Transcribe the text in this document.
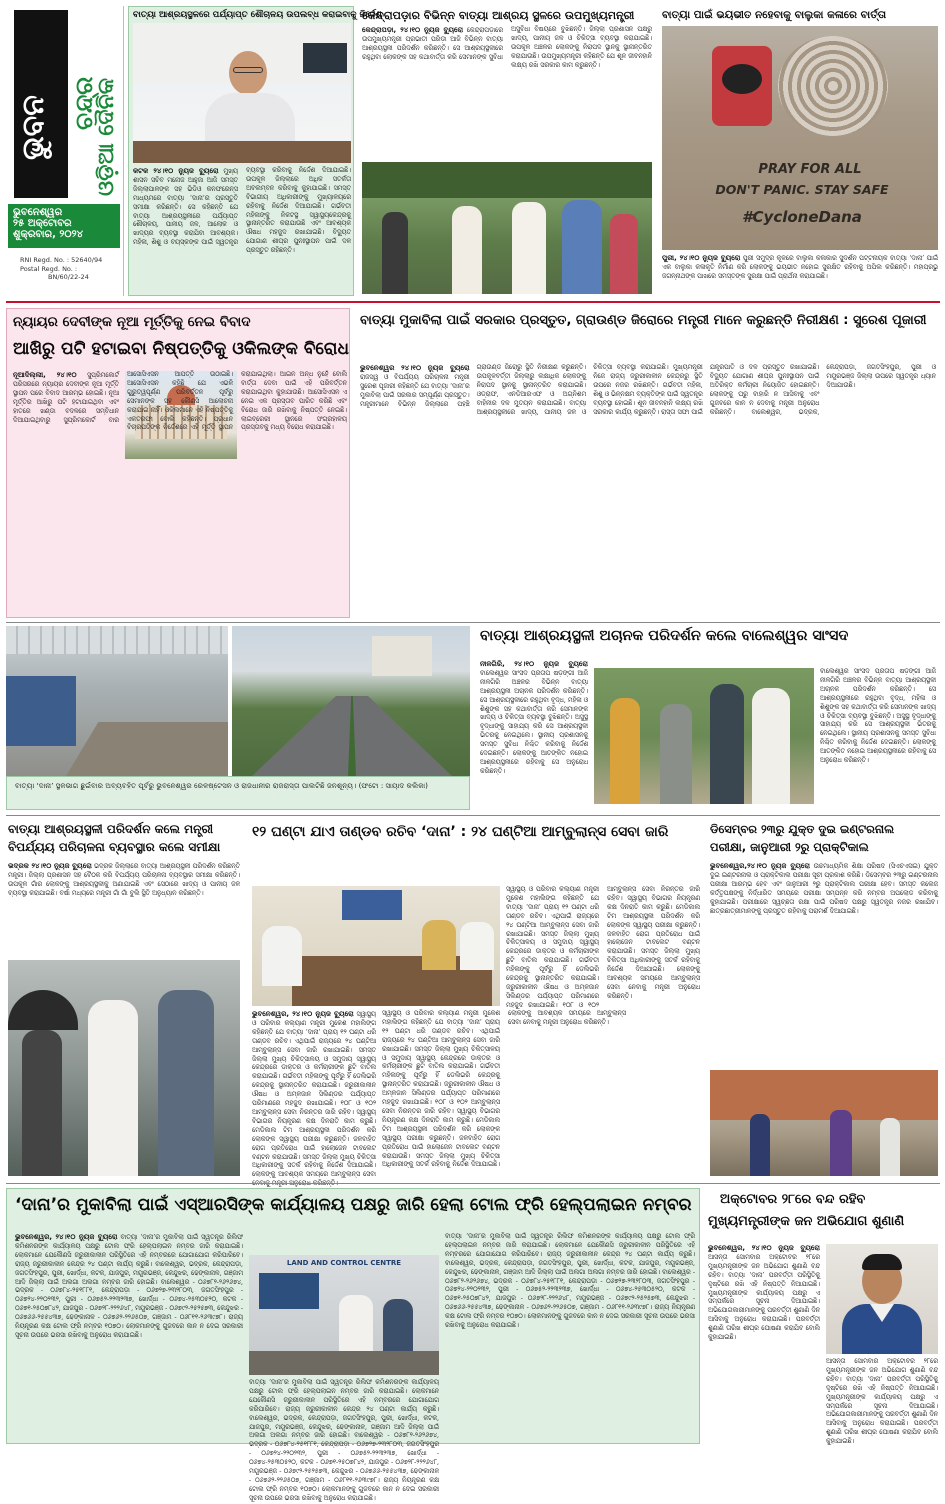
ଭୁବନ ଚନ୍ଦ୍ର
ଓଡ଼ିଆ ଦୈନିକ
ଭୁବନେଶ୍ୱର
୨୫ ଅକ୍ଟୋବର
ଶୁକ୍ରବାର, ୨୦୨୪
RNI Regd. No. : 52640/94
Postal Regd. No. :
BN/60/22-24
ବାତ୍ୟା ଆଶ୍ରୟସ୍ଥଳରେ ପର୍ଯ୍ୟାପ୍ତ ଶୌଚାଳୟ ଉପଲବ୍ଧ କରାଇବାକୁ ନିର୍ଦ୍ଦେଶ
କଟକ ୨୪।୧୦ ନ୍ୟୁଜ ବ୍ୟୁରୋ ମୁଖ୍ୟ ଶାସନ ସଚିବ ମନୋଜ ଆହୁଜା ଆଜି ସମସ୍ତ ଜିଲ୍ଲାପାଳଙ୍କ ସହ ଭିଡିଓ କନଫରେନ୍ସ ମାଧ୍ୟମରେ ବାତ୍ୟା ‘ଦାନା’ର ପ୍ରସ୍ତୁତି ସମୀକ୍ଷା କରିଛନ୍ତି। ସେ କହିଛନ୍ତି ଯେ ବାତ୍ୟା ଆଶ୍ରୟସ୍ଥଳୀରେ ପର୍ଯ୍ୟାପ୍ତ ଶୌଚାଳୟ, ପାନୀୟ ଜଳ, ଆଲୋକ ଓ ଖାଦ୍ୟର ବ୍ୟବସ୍ଥା କରାଯିବା ଆବଶ୍ୟକ। ମହିଳା, ଶିଶୁ ଓ ବୟସ୍କଙ୍କ ପାଇଁ ସ୍ୱତନ୍ତ୍ର ବ୍ୟବସ୍ଥା କରିବାକୁ ନିର୍ଦ୍ଦେଶ ଦିଆଯାଇଛି। ଉପକୂଳ ଜିଲ୍ଲାରେ ଅଧିକ ସତର୍କତା ଅବଲମ୍ବନ କରିବାକୁ କୁହାଯାଇଛି। ସମସ୍ତ ବିଭାଗୀୟ ଅଧିକାରୀଙ୍କୁ ମୁଖ୍ୟାଳୟରେ ରହିବାକୁ ନିର୍ଦ୍ଦେଶ ଦିଆଯାଇଛି। ଗର୍ଭବତୀ ମହିଳାଙ୍କୁ ନିକଟସ୍ଥ ସ୍ୱାସ୍ଥ୍ୟକେନ୍ଦ୍ରକୁ ସ୍ଥାନାନ୍ତରିତ କରାଯାଉଛି ଏବଂ ଆବଶ୍ୟକ ଔଷଧ ମହଜୁଦ ରଖାଯାଇଛି। ବିଦ୍ୟୁତ ଯୋଗାଣ ଶୀଘ୍ର ପୁନଃସ୍ଥାପନ ପାଇଁ ଦଳ ପ୍ରସ୍ତୁତ ରହିଛନ୍ତି।
କେନ୍ଦ୍ରାପଡ଼ାର ବିଭିନ୍ନ ବାତ୍ୟା ଆଶ୍ରୟ ସ୍ଥଳରେ ଉପମୁଖ୍ୟମନ୍ତ୍ରୀ
କେନ୍ଦ୍ରାପଡ଼ା, ୨୪।୧୦ ନ୍ୟୁଜ ବ୍ୟୁରୋ କେନ୍ଦ୍ରାପଡ଼ାରେ ଉପମୁଖ୍ୟମନ୍ତ୍ରୀ ପ୍ରଭାତୀ ପରିଡ଼ା ଆଜି ବିଭିନ୍ନ ବାତ୍ୟା ଆଶ୍ରୟସ୍ଥଳୀ ପରିଦର୍ଶନ କରିଛନ୍ତି। ସେ ଆଶ୍ରୟସ୍ଥଳୀରେ ରହୁଥିବା ଲୋକଙ୍କ ସହ କଥାବାର୍ତ୍ତା କରି ସେମାନଙ୍କ ସୁବିଧା ଅସୁବିଧା ବିଷୟରେ ବୁଝିଛନ୍ତି। ଜିଲ୍ଲା ପ୍ରଶାସନ ପକ୍ଷରୁ ଖାଦ୍ୟ, ପାନୀୟ ଜଳ ଓ ଚିକିତ୍ସା ବ୍ୟବସ୍ଥା କରାଯାଇଛି। ଉପକୂଳ ଅଞ୍ଚଳର ଲୋକଙ୍କୁ ନିରାପଦ ସ୍ଥାନକୁ ସ୍ଥାନାନ୍ତରିତ କରାଯାଉଛି। ଉପମୁଖ୍ୟମନ୍ତ୍ରୀ କହିଛନ୍ତି ଯେ ଶୂନ ଜୀବନହାନି ଲକ୍ଷ୍ୟ ରଖି ସରକାର କାମ କରୁଛନ୍ତି।
ବାତ୍ୟା ପାଇଁ ଭୟଭୀତ ନହେବାକୁ ବାଲୁକା କଳାରେ ବାର୍ତ୍ତା
PRAY FOR ALL
DON'T PANIC. STAY SAFE
#CycloneDana
ପୁରୀ, ୨୪।୧୦ ନ୍ୟୁଜ ବ୍ୟୁରୋ ପୁରୀ ସମୁଦ୍ର କୂଳରେ ବାଲୁକା କଳାକାର ସୁଦର୍ଶନ ପଟ୍ଟନାୟକ ବାତ୍ୟା ‘ଦାନା’ ପାଇଁ ଏକ ବାଲୁକା କଳାକୃତି ନିର୍ମାଣ କରି ଲୋକଙ୍କୁ ଭୟଭୀତ ନହୋଇ ସୁରକ୍ଷିତ ରହିବାକୁ ଅପିଲ କରିଛନ୍ତି। ମହାପ୍ରଭୁ ଜଗନ୍ନାଥଙ୍କ ପାଖରେ ସମସ୍ତଙ୍କ ସୁରକ୍ଷା ପାଇଁ ପ୍ରାର୍ଥନା କରାଯାଇଛି।
ନ୍ୟାୟର ଦେବୀଙ୍କ ନୂଆ ମୂର୍ତ୍ତିକୁ ନେଇ ବିବାଦ
ଆଖିରୁ ପଟି ହଟାଇବା ନିଷ୍ପତ୍ତିକୁ ଓକିଲଙ୍କ ବିରୋଧ
ନୂଆଦିଲ୍ଲୀ, ୨୪।୧୦ ସୁପ୍ରିମକୋର୍ଟ ପରିସରରେ ନ୍ୟାୟର ଦେବୀଙ୍କ ନୂଆ ମୂର୍ତ୍ତି ସ୍ଥାପନ ପରେ ବିବାଦ ଆରମ୍ଭ ହୋଇଛି। ନୂଆ ମୂର୍ତ୍ତିର ଆଖିରୁ ପଟି ହଟାଯାଇଥିବା ଏବଂ ହାତରେ ଖଣ୍ଡା ବଦଳରେ ସମ୍ବିଧାନ ଦିଆଯାଇଥିବାରୁ ସୁପ୍ରିମକୋର୍ଟ ବାର ଆସୋସିଏସନ ଆପତ୍ତି ଉଠାଇଛି। ଆସୋସିଏସନ କହିଛି ଯେ ଏଭଳି ଗୁରୁତ୍ୱପୂର୍ଣ୍ଣ ପରିବର୍ତ୍ତନ ପୂର୍ବରୁ ସେମାନଙ୍କ ସହ କୌଣସି ଆଲୋଚନା କରାଯାଇ ନାହିଁ। ଓକିଲମାନେ ଏହି ନିଷ୍ପତ୍ତିକୁ ଏକତରଫା ବୋଲି କହିଛନ୍ତି। ପ୍ରଧାନ ବିଚାରପତିଙ୍କ ନିର୍ଦ୍ଦେଶରେ ଏହି ମୂର୍ତ୍ତି ସ୍ଥାପନ କରାଯାଇଥିଲା। ଆଇନ ଅନ୍ଧ ନୁହେଁ ବୋଲି ବାର୍ତ୍ତା ଦେବା ପାଇଁ ଏହି ପରିବର୍ତ୍ତନ କରାଯାଇଥିବା କୁହାଯାଉଛି। ଆସୋସିଏସନ ଏ ନେଇ ଏକ ପ୍ରସ୍ତାବ ପାରିତ କରିଛି ଏବଂ ବିରୋଧ ଜାରି ରଖିବାକୁ ନିଷ୍ପତ୍ତି ନେଇଛି। ଲାଇବ୍ରେରୀ ସ୍ଥାନରେ ସଂଗ୍ରହାଳୟ ପ୍ରସ୍ତାବକୁ ମଧ୍ୟ ବିରୋଧ କରାଯାଇଛି।
ବାତ୍ୟା ମୁକାବିଲା ପାଇଁ ସରକାର ପ୍ରସ୍ତୁତ, ଗ୍ରାଉଣ୍ଡ ଜିରୋରେ ମନ୍ତ୍ରୀ ମାନେ କରୁଛନ୍ତି ନିରୀକ୍ଷଣ : ସୁରେଶ ପୂଜାରୀ
ଭୁବନେଶ୍ୱର ୨୪।୧୦ ନ୍ୟୁଜ ବ୍ୟୁରୋ ରାଜସ୍ୱ ଓ ବିପର୍ଯ୍ୟୟ ପରିଚାଳନା ମନ୍ତ୍ରୀ ସୁରେଶ ପୂଜାରୀ କହିଛନ୍ତି ଯେ ବାତ୍ୟା ‘ଦାନା’ର ମୁକାବିଲା ପାଇଁ ସରକାର ସମ୍ପୂର୍ଣ୍ଣ ପ୍ରସ୍ତୁତ। ମନ୍ତ୍ରୀମାନେ ବିଭିନ୍ନ ଜିଲ୍ଲାରେ ପହଞ୍ଚି ଗ୍ରାଉଣ୍ଡ ଜିରୋରୁ ସ୍ଥିତି ନିରୀକ୍ଷଣ କରୁଛନ୍ତି। ଉପକୂଳବର୍ତ୍ତୀ ଜିଲ୍ଲାରୁ ଲକ୍ଷାଧିକ ଲୋକଙ୍କୁ ନିରାପଦ ସ୍ଥାନକୁ ସ୍ଥାନାନ୍ତରିତ କରାଯାଇଛି। ଓଡ୍ରାଫ, ଏନଡିଆରଏଫ ଓ ଅଗ୍ନିଶମ ବାହିନୀର ଦଳ ମୁତୟନ କରାଯାଇଛି। ବାତ୍ୟା ଆଶ୍ରୟସ୍ଥଳୀରେ ଖାଦ୍ୟ, ପାନୀୟ ଜଳ ଓ ଚିକିତ୍ସା ବ୍ୟବସ୍ଥା କରାଯାଇଛି। ମୁଖ୍ୟମନ୍ତ୍ରୀ ନିଜେ ରାଜ୍ୟ ଜରୁରୀକାଳୀନ କେନ୍ଦ୍ରରୁ ସ୍ଥିତି ଉପରେ ନଜର ରଖିଛନ୍ତି। ଗର୍ଭବତୀ ମହିଳା, ଶିଶୁ ଓ ଭିନ୍ନକ୍ଷମ ବ୍ୟକ୍ତିଙ୍କ ପାଇଁ ସ୍ୱତନ୍ତ୍ର ବ୍ୟବସ୍ଥା ହୋଇଛି। ଶୂନ ଜୀବନହାନି ଲକ୍ଷ୍ୟ ରଖି ସରକାର କାର୍ଯ୍ୟ କରୁଛନ୍ତି। ରାସ୍ତା ସଫା ପାଇଁ ଯନ୍ତ୍ରପାତି ଓ ଦଳ ପ୍ରସ୍ତୁତ ରଖାଯାଇଛି। ବିଦ୍ୟୁତ ଯୋଗାଣ ଶୀଘ୍ର ପୁନଃସ୍ଥାପନ ପାଇଁ ଅତିରିକ୍ତ କର୍ମଚାରୀ ନିୟୋଜିତ ହୋଇଛନ୍ତି। ଲୋକଙ୍କୁ ଘରୁ ବାହାରି ନ ଆସିବାକୁ ଏବଂ ଗୁଜବରେ କାନ ନ ଦେବାକୁ ମନ୍ତ୍ରୀ ଅନୁରୋଧ କରିଛନ୍ତି। ବାଲେଶ୍ୱର, ଭଦ୍ରକ, କେନ୍ଦ୍ରାପଡ଼ା, ଜଗତସିଂହପୁର, ପୁରୀ ଓ ମୟୂରଭଞ୍ଜ ଜିଲ୍ଲା ଉପରେ ସ୍ୱତନ୍ତ୍ର ଧ୍ୟାନ ଦିଆଯାଉଛି।
ବାତ୍ୟା ‘ଦାନା’ ସ୍ଥଳଭାଗ ଛୁଇଁବାର ଅବ୍ୟବହିତ ପୂର୍ବରୁ ଭୁବନେଶ୍ୱର ରେଳଷ୍ଟେସନ ଓ ରାଜଧାନୀର ରାଜରାସ୍ତା ପାଲଟିଛି ଜନଶୂନ୍ୟ। (ଫଟୋ : ସାୟାଦ କଲିକା)
ବାତ୍ୟା ଆଶ୍ରୟସ୍ଥଳୀ ଅଚାନକ ପରିଦର୍ଶନ କଲେ ବାଲେଶ୍ୱର ସାଂସଦ
ନୀଳଗିରି, ୨୪।୧୦ ନ୍ୟୁଜ ବ୍ୟୁରୋ ବାଲେଶ୍ୱର ସାଂସଦ ପ୍ରତାପ ଷଡ଼ଙ୍ଗୀ ଆଜି ନୀଳଗିରି ଅଞ୍ଚଳର ବିଭିନ୍ନ ବାତ୍ୟା ଆଶ୍ରୟସ୍ଥଳୀ ଅଚାନକ ପରିଦର୍ଶନ କରିଛନ୍ତି। ସେ ଆଶ୍ରୟସ୍ଥଳୀରେ ରହୁଥିବା ବୃଦ୍ଧ, ମହିଳା ଓ ଶିଶୁଙ୍କ ସହ କଥାବାର୍ତ୍ତା କରି ସେମାନଙ୍କ ଖାଦ୍ୟ ଓ ଚିକିତ୍ସା ବ୍ୟବସ୍ଥା ବୁଝିଛନ୍ତି। ଅସୁସ୍ଥ ବୃଦ୍ଧାଙ୍କୁ ସାହାଯ୍ୟ କରି ସେ ଆଶ୍ରୟସ୍ଥଳୀ ଭିତରକୁ ନେଇଥିଲେ। ସ୍ଥାନୀୟ ପ୍ରଶାସନକୁ ସମସ୍ତ ସୁବିଧା ନିଶ୍ଚିତ କରିବାକୁ ନିର୍ଦ୍ଦେଶ ଦେଇଛନ୍ତି। ଲୋକଙ୍କୁ ଆତଙ୍କିତ ନହୋଇ ଆଶ୍ରୟସ୍ଥଳୀରେ ରହିବାକୁ ସେ ଅନୁରୋଧ କରିଛନ୍ତି।
ବାଲେଶ୍ୱର ସାଂସଦ ପ୍ରତାପ ଷଡ଼ଙ୍ଗୀ ଆଜି ନୀଳଗିରି ଅଞ୍ଚଳର ବିଭିନ୍ନ ବାତ୍ୟା ଆଶ୍ରୟସ୍ଥଳୀ ଅଚାନକ ପରିଦର୍ଶନ କରିଛନ୍ତି। ସେ ଆଶ୍ରୟସ୍ଥଳୀରେ ରହୁଥିବା ବୃଦ୍ଧ, ମହିଳା ଓ ଶିଶୁଙ୍କ ସହ କଥାବାର୍ତ୍ତା କରି ସେମାନଙ୍କ ଖାଦ୍ୟ ଓ ଚିକିତ୍ସା ବ୍ୟବସ୍ଥା ବୁଝିଛନ୍ତି। ଅସୁସ୍ଥ ବୃଦ୍ଧାଙ୍କୁ ସାହାଯ୍ୟ କରି ସେ ଆଶ୍ରୟସ୍ଥଳୀ ଭିତରକୁ ନେଇଥିଲେ। ସ୍ଥାନୀୟ ପ୍ରଶାସନକୁ ସମସ୍ତ ସୁବିଧା ନିଶ୍ଚିତ କରିବାକୁ ନିର୍ଦ୍ଦେଶ ଦେଇଛନ୍ତି। ଲୋକଙ୍କୁ ଆତଙ୍କିତ ନହୋଇ ଆଶ୍ରୟସ୍ଥଳୀରେ ରହିବାକୁ ସେ ଅନୁରୋଧ କରିଛନ୍ତି।
ବାତ୍ୟା ଆଶ୍ରୟସ୍ଥଳୀ ପରିଦର୍ଶନ କଲେ ମନ୍ତ୍ରୀ
ବିପର୍ଯ୍ୟୟ ପରିଚାଳନା ବ୍ୟବସ୍ଥାର କଲେ ସମୀକ୍ଷା
ଭଦ୍ରକ ୨୪।୧୦ ନ୍ୟୁଜ ବ୍ୟୁରୋ ଭଦ୍ରକ ଜିଲ୍ଲାରେ ବାତ୍ୟା ଆଶ୍ରୟସ୍ଥଳୀ ପରିଦର୍ଶନ କରିଛନ୍ତି ମନ୍ତ୍ରୀ। ଜିଲ୍ଲା ପ୍ରଶାସନ ସହ ବୈଠକ କରି ବିପର୍ଯ୍ୟୟ ପରିଚାଳନା ବ୍ୟବସ୍ଥାର ସମୀକ୍ଷା କରିଛନ୍ତି। ଉପକୂଳ ଗାଁର ଲୋକଙ୍କୁ ଆଶ୍ରୟସ୍ଥଳୀକୁ ଅଣାଯାଇଛି ଏବଂ ସେଠାରେ ଖାଦ୍ୟ ଓ ପାନୀୟ ଜଳ ବ୍ୟବସ୍ଥା କରାଯାଇଛି। ବର୍ଷା ମଧ୍ୟରେ ମନ୍ତ୍ରୀ ଗାଁ ଗାଁ ବୁଲି ସ୍ଥିତି ଅନୁଧ୍ୟାନ କରିଛନ୍ତି।
୧୨ ଘଣ୍ଟା ଯାଏ ତାଣ୍ଡବ ରଚିବ ‘ଦାନା’ : ୨୪ ଘଣ୍ଟିଆ ଆମ୍ବୁଲାନ୍ସ ସେବା ଜାରି
ଭୁବନେଶ୍ୱର, ୨୪।୧୦ ନ୍ୟୁଜ ବ୍ୟୁରୋ ସ୍ୱାସ୍ଥ୍ୟ ଓ ପରିବାର କଲ୍ୟାଣ ମନ୍ତ୍ରୀ ମୁକେଶ ମହାଲିଙ୍ଗ କହିଛନ୍ତି ଯେ ବାତ୍ୟା ‘ଦାନା’ ପ୍ରାୟ ୧୨ ଘଣ୍ଟା ଧରି ତାଣ୍ଡବ ରଚିବ। ଏଥିପାଇଁ ରାଜ୍ୟରେ ୨୪ ଘଣ୍ଟିଆ ଆମ୍ବୁଲାନ୍ସ ସେବା ଜାରି ରଖାଯାଇଛି। ସମସ୍ତ ଜିଲ୍ଲା ମୁଖ୍ୟ ଚିକିତ୍ସାଳୟ ଓ ସମୁଦାୟ ସ୍ୱାସ୍ଥ୍ୟ କେନ୍ଦ୍ରରେ ଡାକ୍ତର ଓ କର୍ମଚାରୀଙ୍କ ଛୁଟି ବାତିଲ କରାଯାଇଛି। ଗର୍ଭବତୀ ମହିଳାଙ୍କୁ ପୂର୍ବରୁ ହିଁ ଡେଲିଭରି କେନ୍ଦ୍ରକୁ ସ୍ଥାନାନ୍ତରିତ କରାଯାଇଛି। ଜରୁରୀକାଳୀନ ଔଷଧ ଓ ଅମ୍ଳଜାନ ସିଲିଣ୍ଡର ପର୍ଯ୍ୟାପ୍ତ ପରିମାଣରେ ମହଜୁଦ ରଖାଯାଇଛି। ୧୦୮ ଓ ୧୦୨ ଆମ୍ବୁଲାନ୍ସ ସେବା ନିରନ୍ତର ଜାରି ରହିବ। ସ୍ୱାସ୍ଥ୍ୟ ବିଭାଗର ନିୟନ୍ତ୍ରଣ କକ୍ଷ ଦିନରାତି କାମ କରୁଛି। ମେଡିକାଲ ଟିମ ଆଶ୍ରୟସ୍ଥଳୀ ପରିଦର୍ଶନ କରି ଲୋକଙ୍କ ସ୍ୱାସ୍ଥ୍ୟ ପରୀକ୍ଷା କରୁଛନ୍ତି। ଜଳବାହିତ ରୋଗ ପ୍ରତିରୋଧ ପାଇଁ ହାଲୋଜେନ ଟାବଲେଟ ବଣ୍ଟନ କରାଯାଉଛି। ସମସ୍ତ ଜିଲ୍ଲା ମୁଖ୍ୟ ଚିକିତ୍ସା ଅଧିକାରୀଙ୍କୁ ସତର୍କ ରହିବାକୁ ନିର୍ଦ୍ଦେଶ ଦିଆଯାଇଛି। ଲୋକଙ୍କୁ ଆବଶ୍ୟକ ସମୟରେ ଆମ୍ବୁଲାନ୍ସ ସେବା
ସ୍ୱାସ୍ଥ୍ୟ ଓ ପରିବାର କଲ୍ୟାଣ ମନ୍ତ୍ରୀ ମୁକେଶ ମହାଲିଙ୍ଗ କହିଛନ୍ତି ଯେ ବାତ୍ୟା ‘ଦାନା’ ପ୍ରାୟ ୧୨ ଘଣ୍ଟା ଧରି ତାଣ୍ଡବ ରଚିବ। ଏଥିପାଇଁ ରାଜ୍ୟରେ ୨୪ ଘଣ୍ଟିଆ ଆମ୍ବୁଲାନ୍ସ ସେବା ଜାରି ରଖାଯାଇଛି। ସମସ୍ତ ଜିଲ୍ଲା ମୁଖ୍ୟ ଚିକିତ୍ସାଳୟ ଓ ସମୁଦାୟ ସ୍ୱାସ୍ଥ୍ୟ କେନ୍ଦ୍ରରେ ଡାକ୍ତର ଓ କର୍ମଚାରୀଙ୍କ ଛୁଟି ବାତିଲ କରାଯାଇଛି। ଗର୍ଭବତୀ ମହିଳାଙ୍କୁ ପୂର୍ବରୁ ହିଁ ଡେଲିଭରି କେନ୍ଦ୍ରକୁ ସ୍ଥାନାନ୍ତରିତ କରାଯାଇଛି। ଜରୁରୀକାଳୀନ ଔଷଧ ଓ ଅମ୍ଳଜାନ ସିଲିଣ୍ଡର ପର୍ଯ୍ୟାପ୍ତ ପରିମାଣରେ ମହଜୁଦ ରଖାଯାଇଛି। ୧୦୮ ଓ ୧୦୨ ଆମ୍ବୁଲାନ୍ସ ସେବା ନିରନ୍ତର ଜାରି ରହିବ। ସ୍ୱାସ୍ଥ୍ୟ ବିଭାଗର ନିୟନ୍ତ୍ରଣ କକ୍ଷ ଦିନରାତି କାମ କରୁଛି। ମେଡିକାଲ ଟିମ ଆଶ୍ରୟସ୍ଥଳୀ ପରିଦର୍ଶନ କରି ଲୋକଙ୍କ ସ୍ୱାସ୍ଥ୍ୟ ପରୀକ୍ଷା କରୁଛନ୍ତି। ଜଳବାହିତ ରୋଗ ପ୍ରତିରୋଧ ପାଇଁ ହାଲୋଜେନ ଟାବଲେଟ ବଣ୍ଟନ କରାଯାଉଛି। ସମସ୍ତ ଜିଲ୍ଲା ମୁଖ୍ୟ ଚିକିତ୍ସା ଅଧିକାରୀଙ୍କୁ ସତର୍କ ରହିବାକୁ ନିର୍ଦ୍ଦେଶ ଦିଆଯାଇଛି। ଲୋକଙ୍କୁ ଆବଶ୍ୟକ ସମୟରେ ଆମ୍ବୁଲାନ୍ସ ସେବା ନେବାକୁ ମନ୍ତ୍ରୀ ଅନୁରୋଧ କରିଛନ୍ତି।
ସ୍ୱାସ୍ଥ୍ୟ ଓ ପରିବାର କଲ୍ୟାଣ ମନ୍ତ୍ରୀ ମୁକେଶ ମହାଲିଙ୍ଗ କହିଛନ୍ତି ଯେ ବାତ୍ୟା ‘ଦାନା’ ପ୍ରାୟ ୧୨ ଘଣ୍ଟା ଧରି ତାଣ୍ଡବ ରଚିବ। ଏଥିପାଇଁ ରାଜ୍ୟରେ ୨୪ ଘଣ୍ଟିଆ ଆମ୍ବୁଲାନ୍ସ ସେବା ଜାରି ରଖାଯାଇଛି। ସମସ୍ତ ଜିଲ୍ଲା ମୁଖ୍ୟ ଚିକିତ୍ସାଳୟ ଓ ସମୁଦାୟ ସ୍ୱାସ୍ଥ୍ୟ କେନ୍ଦ୍ରରେ ଡାକ୍ତର ଓ କର୍ମଚାରୀଙ୍କ ଛୁଟି ବାତିଲ କରାଯାଇଛି। ଗର୍ଭବତୀ ମହିଳାଙ୍କୁ ପୂର୍ବରୁ ହିଁ ଡେଲିଭରି କେନ୍ଦ୍ରକୁ ସ୍ଥାନାନ୍ତରିତ କରାଯାଇଛି। ଜରୁରୀକାଳୀନ ଔଷଧ ଓ ଅମ୍ଳଜାନ ସିଲିଣ୍ଡର ପର୍ଯ୍ୟାପ୍ତ ପରିମାଣରେ ମହଜୁଦ ରଖାଯାଇଛି। ୧୦୮ ଓ ୧୦୨ ଆମ୍ବୁଲାନ୍ସ ସେବା ନିରନ୍ତର ଜାରି ରହିବ। ସ୍ୱାସ୍ଥ୍ୟ ବିଭାଗର ନିୟନ୍ତ୍ରଣ କକ୍ଷ ଦିନରାତି କାମ କରୁଛି। ମେଡିକାଲ ଟିମ ଆଶ୍ରୟସ୍ଥଳୀ ପରିଦର୍ଶନ କରି ଲୋକଙ୍କ ସ୍ୱାସ୍ଥ୍ୟ ପରୀକ୍ଷା କରୁଛନ୍ତି। ଜଳବାହିତ ରୋଗ ପ୍ରତିରୋଧ ପାଇଁ ହାଲୋଜେନ ଟାବଲେଟ ବଣ୍ଟନ କରାଯାଉଛି। ସମସ୍ତ ଜିଲ୍ଲା ମୁଖ୍ୟ ଚିକିତ୍ସା ଅଧିକାରୀଙ୍କୁ ସତର୍କ ରହିବାକୁ ନିର୍ଦ୍ଦେଶ ଦିଆଯାଇଛି। ଲୋକଙ୍କୁ ଆବଶ୍ୟକ ସମୟରେ ଆମ୍ବୁଲାନ୍ସ ସେବା ନେବାକୁ ମନ୍ତ୍ରୀ ଅନୁରୋଧ କରିଛନ୍ତି।
ଡିସେମ୍ବର ୨୩ରୁ ଯୁକ୍ତ ଦୁଇ ଇଣ୍ଟରନାଲ
ପରୀକ୍ଷା, ଜାନୁଆରୀ ୨ରୁ ପ୍ରାକ୍ଟିକାଲ
ଭୁବନେଶ୍ୱର,୨୪।୧୦ ନ୍ୟୁଜ ବ୍ୟୁରୋ ଉଚ୍ଚମାଧ୍ୟମିକ ଶିକ୍ଷା ପରିଷଦ (ସିଏଚଏସଇ) ଯୁକ୍ତ ଦୁଇ ଇଣ୍ଟରନାଲ ଓ ପ୍ରାକ୍ଟିକାଲ ପରୀକ୍ଷା ସୂଚୀ ପ୍ରକାଶ କରିଛି। ଡିସେମ୍ବର ୨୩ରୁ ଇଣ୍ଟରନାଲ ପରୀକ୍ଷା ଆରମ୍ଭ ହେବ ଏବଂ ଜାନୁଆରୀ ୨ରୁ ପ୍ରାକ୍ଟିକାଲ ପରୀକ୍ଷା ହେବ। ସମସ୍ତ କଲେଜ କର୍ତ୍ତୃପକ୍ଷଙ୍କୁ ନିର୍ଦ୍ଧାରିତ ସମୟରେ ପରୀକ୍ଷା ସମ୍ପନ୍ନ କରି ନମ୍ବର ଅପଲୋଡ କରିବାକୁ କୁହାଯାଇଛି। ପରୀକ୍ଷାରେ ସ୍ୱଚ୍ଛତା ରକ୍ଷା ପାଇଁ ପରିଷଦ ପକ୍ଷରୁ ସ୍ୱତନ୍ତ୍ର ନଜର ରଖାଯିବ। ଛାତ୍ରଛାତ୍ରୀମାନଙ୍କୁ ପ୍ରସ୍ତୁତ ରହିବାକୁ ପରାମର୍ଶ ଦିଆଯାଇଛି।
‘ଦାନା’ର ମୁକାବିଲା ପାଇଁ ଏସ୍‌ଆରସିଙ୍କ କାର୍ଯ୍ୟାଳୟ ପକ୍ଷରୁ ଜାରି ହେଲା ଟୋଲ ଫ୍ରି ହେଲ୍ପଲାଇନ ନମ୍ବର
ଭୁବନେଶ୍ୱର, ୨୪।୧୦ ନ୍ୟୁଜ ବ୍ୟୁରୋ ବାତ୍ୟା ‘ଦାନା’ର ମୁକାବିଲା ପାଇଁ ସ୍ୱତନ୍ତ୍ର ରିଲିଫ କମିଶନରଙ୍କ କାର୍ଯ୍ୟାଳୟ ପକ୍ଷରୁ ଟୋଲ ଫ୍ରି ହେଲ୍ପଲାଇନ ନମ୍ବର ଜାରି କରାଯାଇଛି। ଲୋକମାନେ ଯେକୌଣସି ଜରୁରୀକାଳୀନ ପରିସ୍ଥିତିରେ ଏହି ନମ୍ବରରେ ଯୋଗାଯୋଗ କରିପାରିବେ। ରାଜ୍ୟ ଜରୁରୀକାଳୀନ କେନ୍ଦ୍ର ୨୪ ଘଣ୍ଟା କାର୍ଯ୍ୟ କରୁଛି। ବାଲେଶ୍ୱର, ଭଦ୍ରକ, କେନ୍ଦ୍ରାପଡ଼ା, ଜଗତସିଂହପୁର, ପୁରୀ, ଖୋର୍ଦ୍ଧା, କଟକ, ଯାଜପୁର, ମୟୂରଭଞ୍ଜ, କେନ୍ଦୁଝର, ଢେଙ୍କାନାଳ, ଗଞ୍ଜାମ ଆଦି ଜିଲ୍ଲା ପାଇଁ ଅଲଗା ଅଲଗା ନମ୍ବର ଜାରି ହୋଇଛି। ବାଲେଶ୍ୱର - ୦୬୭୮୨-୨୬୨୬୭୪, ଭଦ୍ରକ - ୦୬୭୮୪-୨୫୧୮୮୧, କେନ୍ଦ୍ରାପଡ଼ା - ୦୬୭୨୭-୨୩୨୮୦୩, ଜଗତସିଂହପୁର - ୦୬୭୨୪-୨୨୦୨୩୨, ପୁରୀ - ୦୬୭୫୨-୨୨୩୨୩୭, ଖୋର୍ଦ୍ଧା - ୦୬୭୪-୨୫୩୦୫୨୦, କଟକ - ୦୬୭୧-୨୫୦୭୮୪୨, ଯାଜପୁର - ୦୬୭୨୮-୨୨୨୬୪୮, ମୟୂରଭଞ୍ଜ - ୦୬୭୯୨-୨୫୨୫୭୩, କେନ୍ଦୁଝର - ୦୬୭୬୬-୨୫୫୪୩୭, ଢେଙ୍କାନାଳ - ୦୬୭୬୨-୨୨୬୫୦୭, ଗଞ୍ଜାମ - ୦୬୮୧୧-୨୬୩୯୭୮। ରାଜ୍ୟ ନିୟନ୍ତ୍ରଣ କକ୍ଷ ଟୋଲ ଫ୍ରି ନମ୍ବର ୧୦୭୦। ଲୋକମାନଙ୍କୁ ଗୁଜବରେ କାନ ନ ଦେଇ ସରକାରୀ ସୂଚନା ଉପରେ ଭରସା ରଖିବାକୁ ଅନୁରୋଧ କରାଯାଇଛି।
LAND AND CONTROL CENTRE
ବାତ୍ୟା ‘ଦାନା’ର ମୁକାବିଲା ପାଇଁ ସ୍ୱତନ୍ତ୍ର ରିଲିଫ କମିଶନରଙ୍କ କାର୍ଯ୍ୟାଳୟ ପକ୍ଷରୁ ଟୋଲ ଫ୍ରି ହେଲ୍ପଲାଇନ ନମ୍ବର ଜାରି କରାଯାଇଛି। ଲୋକମାନେ ଯେକୌଣସି ଜରୁରୀକାଳୀନ ପରିସ୍ଥିତିରେ ଏହି ନମ୍ବରରେ ଯୋଗାଯୋଗ କରିପାରିବେ। ରାଜ୍ୟ ଜରୁରୀକାଳୀନ କେନ୍ଦ୍ର ୨୪ ଘଣ୍ଟା କାର୍ଯ୍ୟ କରୁଛି। ବାଲେଶ୍ୱର, ଭଦ୍ରକ, କେନ୍ଦ୍ରାପଡ଼ା, ଜଗତସିଂହପୁର, ପୁରୀ, ଖୋର୍ଦ୍ଧା, କଟକ, ଯାଜପୁର, ମୟୂରଭଞ୍ଜ, କେନ୍ଦୁଝର, ଢେଙ୍କାନାଳ, ଗଞ୍ଜାମ ଆଦି ଜିଲ୍ଲା ପାଇଁ ଅଲଗା ଅଲଗା ନମ୍ବର ଜାରି ହୋଇଛି। ବାଲେଶ୍ୱର - ୦୬୭୮୨-୨୬୨୬୭୪, ଭଦ୍ରକ - ୦୬୭୮୪-୨୫୧୮୮୧, କେନ୍ଦ୍ରାପଡ଼ା - ୦୬୭୨୭-୨୩୨୮୦୩, ଜଗତସିଂହପୁର - ୦୬୭୨୪-୨୨୦୨୩୨, ପୁରୀ - ୦୬୭୫୨-୨୨୩୨୩୭, ଖୋର୍ଦ୍ଧା - ୦୬୭୪-୨୫୩୦୫୨୦, କଟକ - ୦୬୭୧-୨୫୦୭୮୪୨, ଯାଜପୁର - ୦୬୭୨୮-୨୨୨୬୪୮, ମୟୂରଭଞ୍ଜ - ୦୬୭୯୨-୨୫୨୫୭୩, କେନ୍ଦୁଝର - ୦୬୭୬୬-୨୫୫୪୩୭, ଢେଙ୍କାନାଳ - ୦୬୭୬୨-୨୨୬୫୦୭, ଗଞ୍ଜାମ - ୦୬୮୧୧-୨୬୩୯୭୮। ରାଜ୍ୟ ନିୟନ୍ତ୍ରଣ କକ୍ଷ ଟୋଲ ଫ୍ରି ନମ୍ବର ୧୦୭୦। ଲୋକମାନଙ୍କୁ ଗୁଜବରେ କାନ ନ ଦେଇ ସରକାରୀ ସୂଚନା ଉପରେ ଭରସା ରଖିବାକୁ ଅନୁରୋଧ କରାଯାଇଛି।
ବାତ୍ୟା ‘ଦାନା’ର ମୁକାବିଲା ପାଇଁ ସ୍ୱତନ୍ତ୍ର ରିଲିଫ କମିଶନରଙ୍କ କାର୍ଯ୍ୟାଳୟ ପକ୍ଷରୁ ଟୋଲ ଫ୍ରି ହେଲ୍ପଲାଇନ ନମ୍ବର ଜାରି କରାଯାଇଛି। ଲୋକମାନେ ଯେକୌଣସି ଜରୁରୀକାଳୀନ ପରିସ୍ଥିତିରେ ଏହି ନମ୍ବରରେ ଯୋଗାଯୋଗ କରିପାରିବେ। ରାଜ୍ୟ ଜରୁରୀକାଳୀନ କେନ୍ଦ୍ର ୨୪ ଘଣ୍ଟା କାର୍ଯ୍ୟ କରୁଛି। ବାଲେଶ୍ୱର, ଭଦ୍ରକ, କେନ୍ଦ୍ରାପଡ଼ା, ଜଗତସିଂହପୁର, ପୁରୀ, ଖୋର୍ଦ୍ଧା, କଟକ, ଯାଜପୁର, ମୟୂରଭଞ୍ଜ, କେନ୍ଦୁଝର, ଢେଙ୍କାନାଳ, ଗଞ୍ଜାମ ଆଦି ଜିଲ୍ଲା ପାଇଁ ଅଲଗା ଅଲଗା ନମ୍ବର ଜାରି ହୋଇଛି। ବାଲେଶ୍ୱର - ୦୬୭୮୨-୨୬୨୬୭୪, ଭଦ୍ରକ - ୦୬୭୮୪-୨୫୧୮୮୧, କେନ୍ଦ୍ରାପଡ଼ା - ୦୬୭୨୭-୨୩୨୮୦୩, ଜଗତସିଂହପୁର - ୦୬୭୨୪-୨୨୦୨୩୨, ପୁରୀ - ୦୬୭୫୨-୨୨୩୨୩୭, ଖୋର୍ଦ୍ଧା - ୦୬୭୪-୨୫୩୦୫୨୦, କଟକ - ୦୬୭୧-୨୫୦୭୮୪୨, ଯାଜପୁର - ୦୬୭୨୮-୨୨୨୬୪୮, ମୟୂରଭଞ୍ଜ - ୦୬୭୯୨-୨୫୨୫୭୩, କେନ୍ଦୁଝର - ୦୬୭୬୬-୨୫୫୪୩୭, ଢେଙ୍କାନାଳ - ୦୬୭୬୨-୨୨୬୫୦୭, ଗଞ୍ଜାମ - ୦୬୮୧୧-୨୬୩୯୭୮। ରାଜ୍ୟ ନିୟନ୍ତ୍ରଣ କକ୍ଷ ଟୋଲ ଫ୍ରି ନମ୍ବର ୧୦୭୦। ଲୋକମାନଙ୍କୁ ଗୁଜବରେ କାନ ନ ଦେଇ ସରକାରୀ ସୂଚନା ଉପରେ ଭରସା ରଖିବାକୁ ଅନୁରୋଧ କରାଯାଇଛି।
ଅକ୍ଟୋବର ୨୮ରେ ବନ୍ଦ ରହିବ
ମୁଖ୍ୟମନ୍ତ୍ରୀଙ୍କ ଜନ ଅଭିଯୋଗ ଶୁଣାଣି
ଭୁବନେଶ୍ୱର, ୨୪।୧୦ ନ୍ୟୁଜ ବ୍ୟୁରୋ ଆସନ୍ତା ସୋମବାର ଅକ୍ଟୋବର ୨୮ରେ ମୁଖ୍ୟମନ୍ତ୍ରୀଙ୍କ ଜନ ଅଭିଯୋଗ ଶୁଣାଣି ବନ୍ଦ ରହିବ। ବାତ୍ୟା ‘ଦାନା’ ପରବର୍ତ୍ତୀ ପରିସ୍ଥିତିକୁ ଦୃଷ୍ଟିରେ ରଖି ଏହି ନିଷ୍ପତ୍ତି ନିଆଯାଇଛି। ମୁଖ୍ୟମନ୍ତ୍ରୀଙ୍କ କାର୍ଯ୍ୟାଳୟ ପକ୍ଷରୁ ଏ ସମ୍ପର୍କରେ ସୂଚନା ଦିଆଯାଇଛି। ଅଭିଯୋଗକାରୀମାନଙ୍କୁ ପରବର୍ତ୍ତୀ ଶୁଣାଣି ଦିନ ଆସିବାକୁ ଅନୁରୋଧ କରାଯାଇଛି। ପରବର୍ତ୍ତୀ ଶୁଣାଣି ତାରିଖ ଶୀଘ୍ର ଘୋଷଣା କରାଯିବ ବୋଲି କୁହାଯାଇଛି।
ଆସନ୍ତା ସୋମବାର ଅକ୍ଟୋବର ୨୮ରେ ମୁଖ୍ୟମନ୍ତ୍ରୀଙ୍କ ଜନ ଅଭିଯୋଗ ଶୁଣାଣି ବନ୍ଦ ରହିବ। ବାତ୍ୟା ‘ଦାନା’ ପରବର୍ତ୍ତୀ ପରିସ୍ଥିତିକୁ ଦୃଷ୍ଟିରେ ରଖି ଏହି ନିଷ୍ପତ୍ତି ନିଆଯାଇଛି। ମୁଖ୍ୟମନ୍ତ୍ରୀଙ୍କ କାର୍ଯ୍ୟାଳୟ ପକ୍ଷରୁ ଏ ସମ୍ପର୍କରେ ସୂଚନା ଦିଆଯାଇଛି। ଅଭିଯୋଗକାରୀମାନଙ୍କୁ ପରବର୍ତ୍ତୀ ଶୁଣାଣି ଦିନ ଆସିବାକୁ ଅନୁରୋଧ କରାଯାଇଛି। ପରବର୍ତ୍ତୀ ଶୁଣାଣି ତାରିଖ ଶୀଘ୍ର ଘୋଷଣା କରାଯିବ ବୋଲି କୁହାଯାଇଛି।
